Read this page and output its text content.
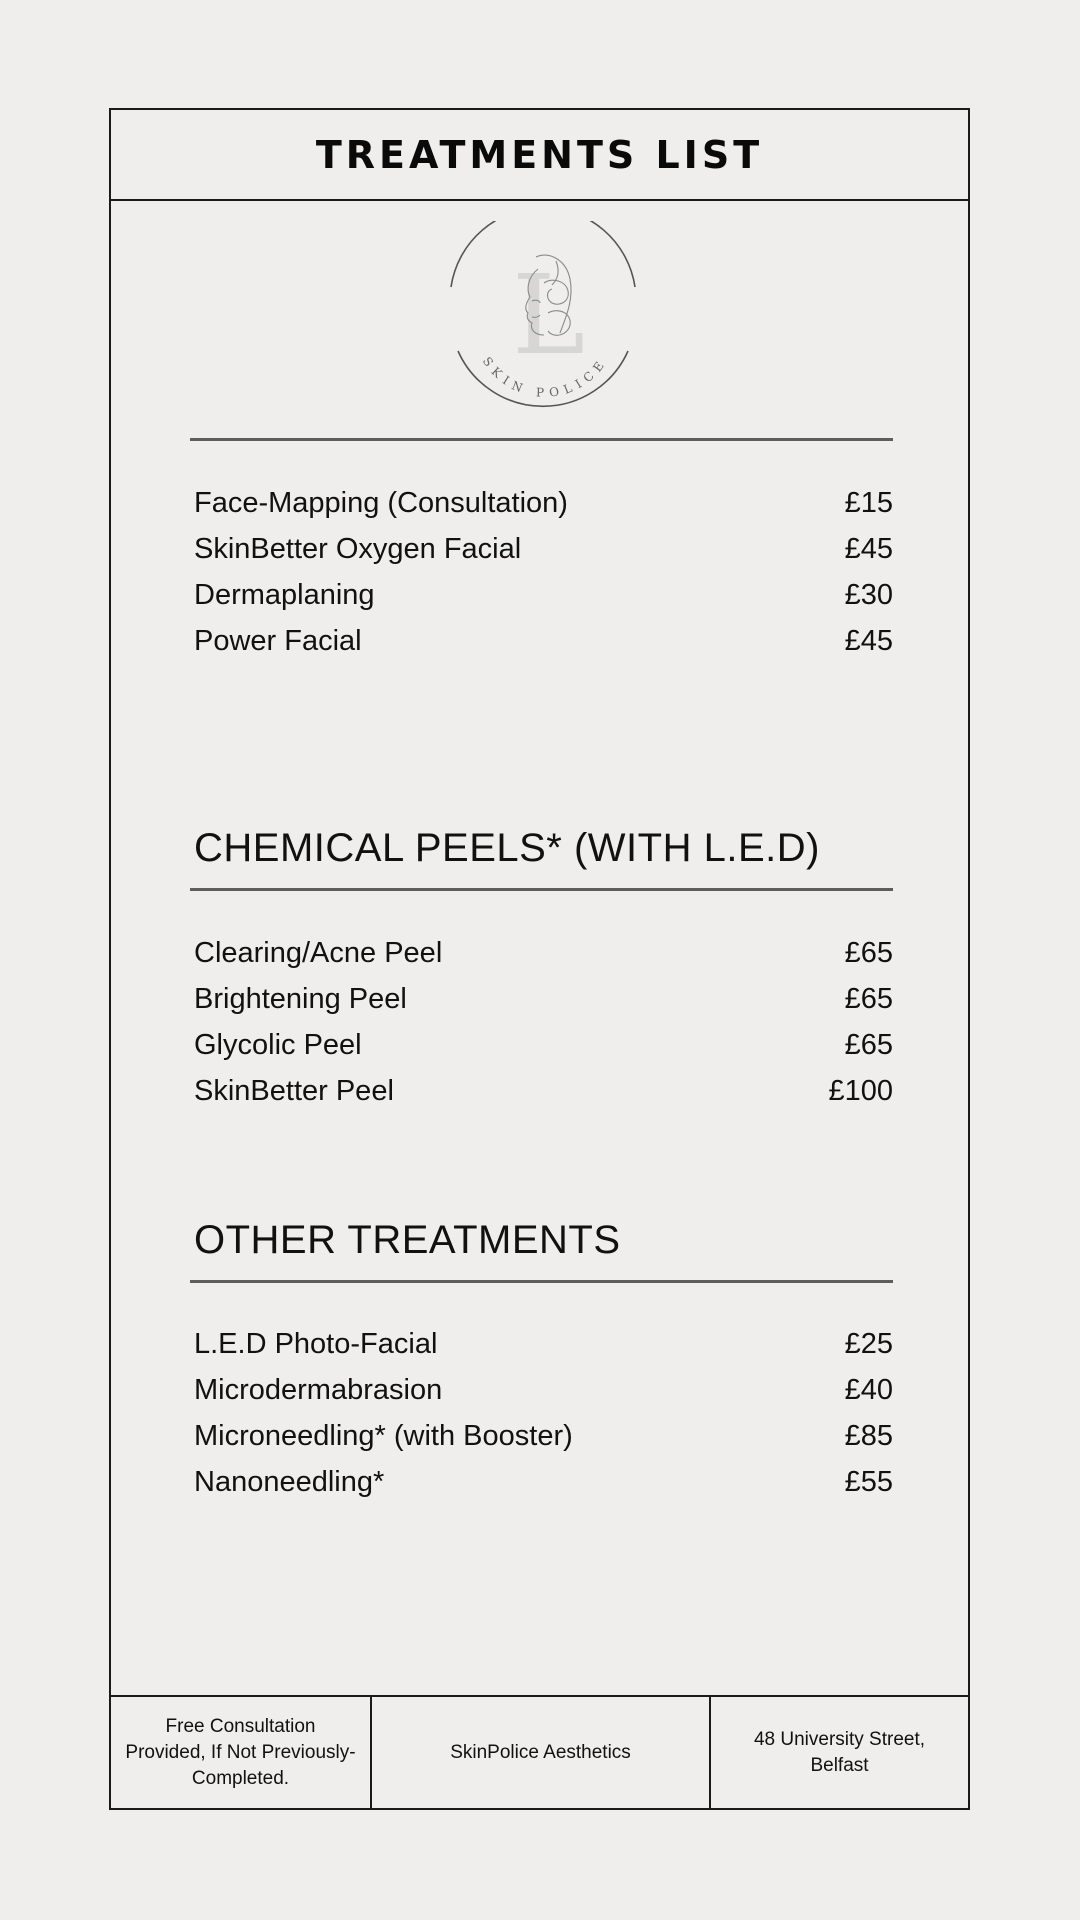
TREATMENTS LIST
L
SKIN POLICE
Face-Mapping (Consultation)	£15
SkinBetter Oxygen Facial	£45
Dermaplaning	£30
Power Facial	£45
CHEMICAL PEELS* (WITH L.E.D)
Clearing/Acne Peel	£65
Brightening Peel	£65
Glycolic Peel	£65
SkinBetter Peel	£100
OTHER TREATMENTS
L.E.D Photo-Facial	£25
Microdermabrasion	£40
Microneedling* (with Booster)	£85
Nanoneedling*	£55
Free Consultation Provided, If Not Previously-Completed.
SkinPolice Aesthetics
48 University Street, Belfast
